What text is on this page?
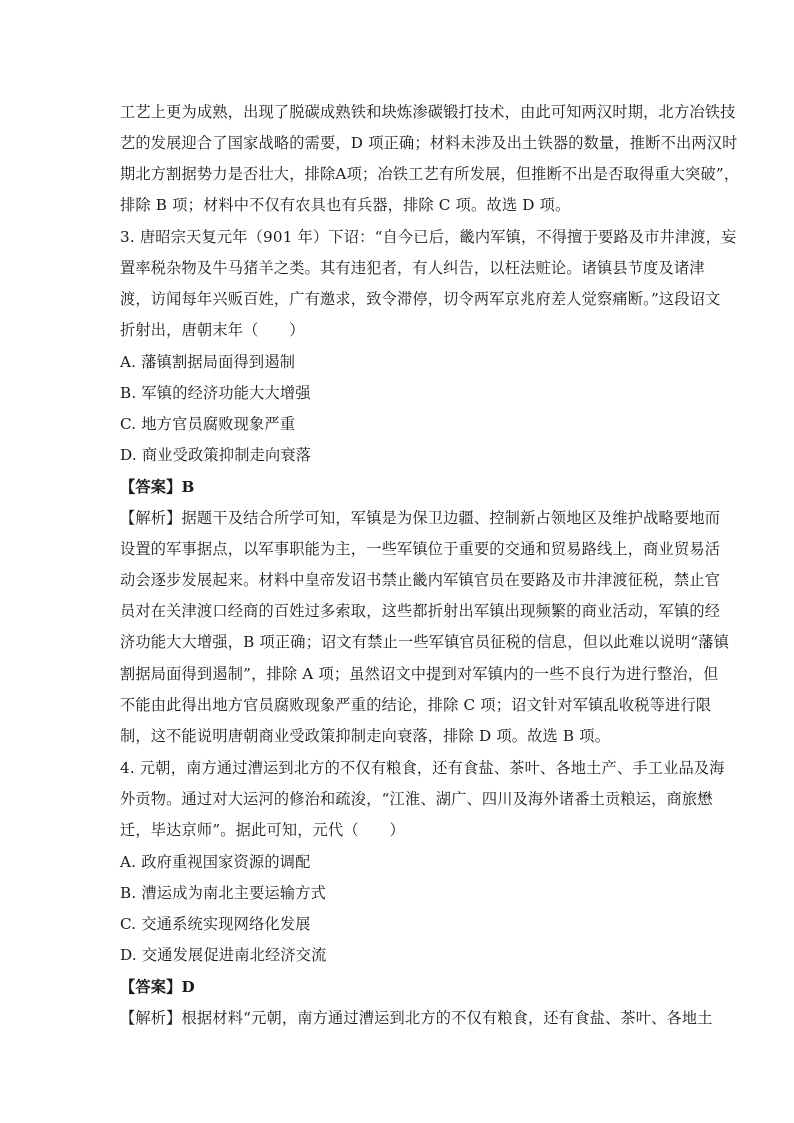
工艺上更为成熟，出现了脱碳成熟铁和块炼渗碳锻打技术，由此可知两汉时期，北方冶铁技
艺的发展迎合了国家战略的需要，D 项正确；材料未涉及出土铁器的数量，推断不出两汉时
期北方割据势力是否壮大，排除A项；冶铁工艺有所发展，但推断不出是否取得重大突破”，
排除 B 项；材料中不仅有农具也有兵器，排除 C 项。故选 D 项。
3. 唐昭宗天复元年（901 年）下诏：“自今已后，畿内军镇，不得擅于要路及市井津渡，妄
置率税杂物及牛马猪羊之类。其有违犯者，有人纠告，以枉法赃论。诸镇县节度及诸津
渡，访闻每年兴贩百姓，广有邀求，致令滞停，切令两军京兆府差人觉察痛断。”这段诏文
折射出，唐朝末年（　　）
A. 藩镇割据局面得到遏制
B. 军镇的经济功能大大增强
C. 地方官员腐败现象严重
D. 商业受政策抑制走向衰落
【答案】B
【解析】据题干及结合所学可知，军镇是为保卫边疆、控制新占领地区及维护战略要地而
设置的军事据点，以军事职能为主，一些军镇位于重要的交通和贸易路线上，商业贸易活
动会逐步发展起来。材料中皇帝发诏书禁止畿内军镇官员在要路及市井津渡征税，禁止官
员对在关津渡口经商的百姓过多索取，这些都折射出军镇出现频繁的商业活动，军镇的经
济功能大大增强，B 项正确；诏文有禁止一些军镇官员征税的信息，但以此难以说明“藩镇
割据局面得到遏制”，排除 A 项；虽然诏文中提到对军镇内的一些不良行为进行整治，但
不能由此得出地方官员腐败现象严重的结论，排除 C 项；诏文针对军镇乱收税等进行限
制，这不能说明唐朝商业受政策抑制走向衰落，排除 D 项。故选 B 项。
4. 元朝，南方通过漕运到北方的不仅有粮食，还有食盐、茶叶、各地土产、手工业品及海
外贡物。通过对大运河的修治和疏浚，“江淮、湖广、四川及海外诸番土贡粮运，商旅懋
迁，毕达京师”。据此可知，元代（　　）
A. 政府重视国家资源的调配
B. 漕运成为南北主要运输方式
C. 交通系统实现网络化发展
D. 交通发展促进南北经济交流
【答案】D
【解析】根据材料“元朝，南方通过漕运到北方的不仅有粮食，还有食盐、茶叶、各地土
